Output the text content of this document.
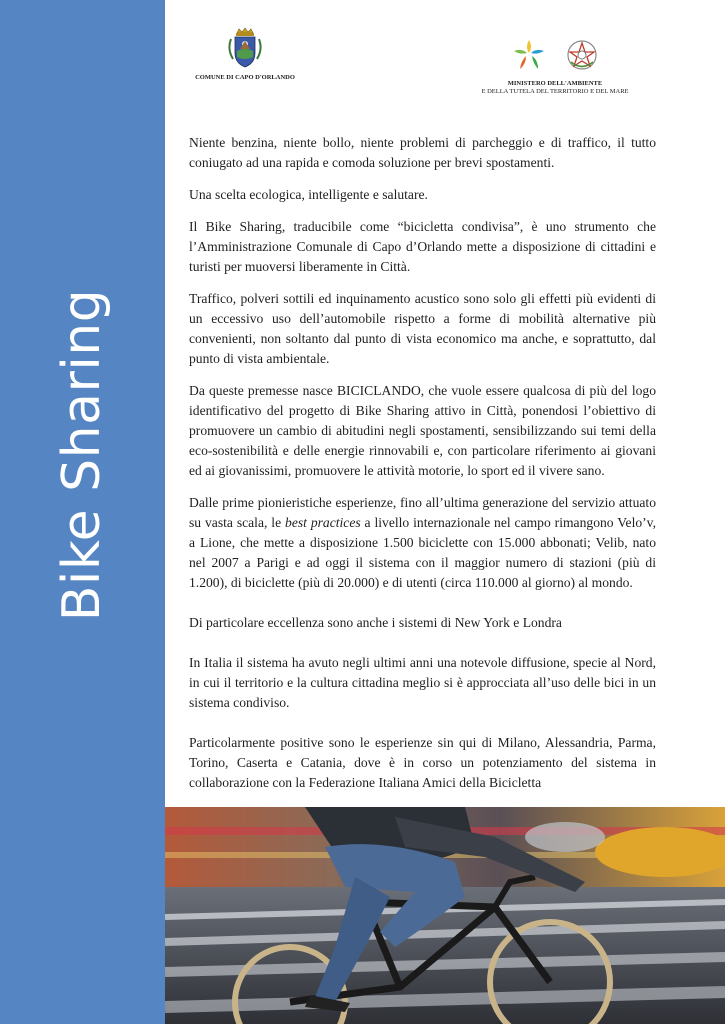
Bike Sharing
COMUNE DI CAPO D'ORLANDO
MINISTERO DELL'AMBIENTE
E DELLA TUTELA DEL TERRITORIO E DEL MARE

Niente benzina, niente bollo, niente problemi di parcheggio e di traffico, il tutto coniugato ad una rapida e comoda soluzione per brevi spostamenti.

Una scelta ecologica, intelligente e salutare.

Il Bike Sharing, traducibile come “bicicletta condivisa”, è uno strumento che l’Amministrazione Comunale di Capo d’Orlando mette a disposizione di cittadini e turisti per muoversi liberamente in Città.

Traffico, polveri sottili ed inquinamento acustico sono solo gli effetti più evidenti di un eccessivo uso dell’automobile rispetto a forme di mobilità alternative più convenienti, non soltanto dal punto di vista economico ma anche, e soprattutto, dal punto di vista ambientale.

Da queste premesse nasce BICICLANDO, che vuole essere qualcosa di più del logo identificativo del progetto di Bike Sharing attivo in Città, ponendosi l’obiettivo di promuovere un cambio di abitudini negli spostamenti, sensibilizzando sui temi della eco-sostenibilità e delle energie rinnovabili e, con particolare riferimento ai giovani ed ai giovanissimi, promuovere le attività motorie, lo sport ed il vivere sano.

Dalle prime pionieristiche esperienze, fino all’ultima generazione del servizio attuato su vasta scala, le best practices a livello internazionale nel campo rimangono Velo’v, a Lione, che mette a disposizione 1.500 biciclette con 15.000 abbonati; Velib, nato nel 2007 a Parigi e ad oggi il sistema con il maggior numero di stazioni (più di 1.200), di biciclette (più di 20.000) e di utenti (circa 110.000 al giorno) al mondo.

Di particolare eccellenza sono anche i sistemi di New York e Londra

In Italia il sistema ha avuto negli ultimi anni una notevole diffusione, specie al Nord, in cui il territorio e la cultura cittadina meglio si è approcciata all’uso delle bici in un sistema condiviso.

Particolarmente positive sono le esperienze sin qui di Milano, Alessandria, Parma, Torino, Caserta e Catania, dove è in corso un potenziamento del sistema in collaborazione con la Federazione Italiana Amici della Bicicletta
